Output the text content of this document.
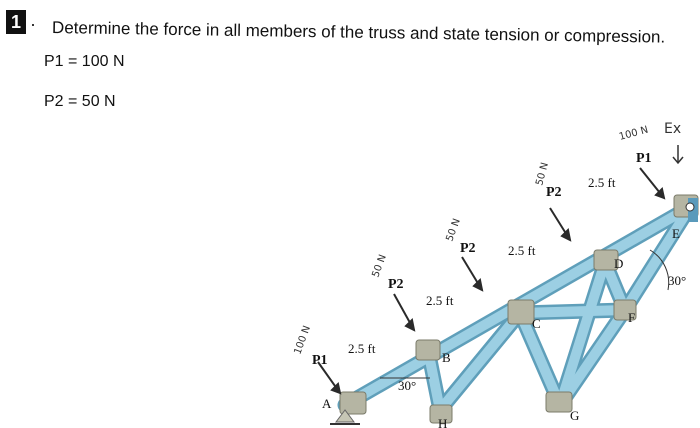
1 · Determine the force in all members of the truss and state tension or compression.
P1 = 100 N
P2 = 50 N
A
B
C
D
E
F
G
H
2.5 ft
2.5 ft
2.5 ft
2.5 ft
30°
30°
P1
P2
P2
P2
P1
100 N
50 N
50 N
50 N
100 N Ex
